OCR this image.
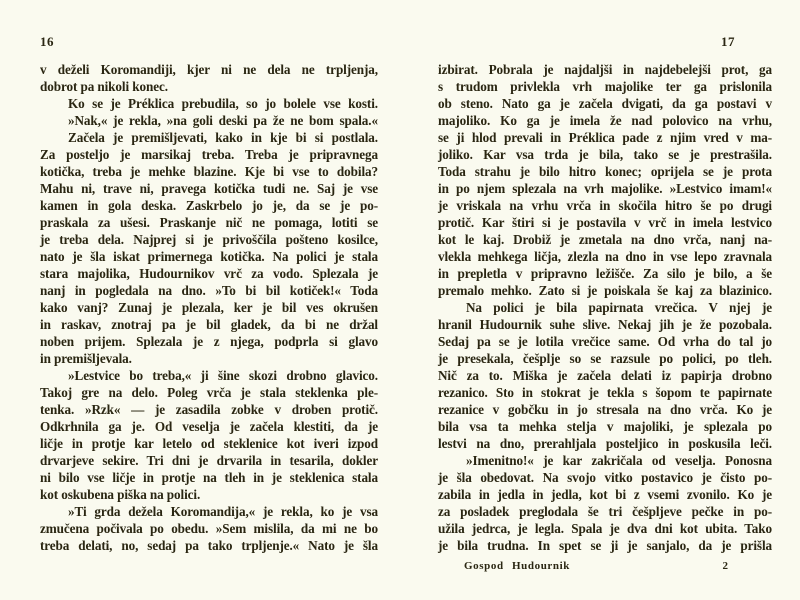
16
v deželi Koromandiji, kjer ni ne dela ne trpljenja,
dobrot pa nikoli konec.
Ko se je Préklica prebudila, so jo bolele vse kosti.
»Nak,« je rekla, »na goli deski pa že ne bom spala.«
Začela je premišljevati, kako in kje bi si postlala.
Za posteljo je marsikaj treba. Treba je pripravnega
kotička, treba je mehke blazine. Kje bi vse to dobila?
Mahu ni, trave ni, pravega kotička tudi ne. Saj je vse
kamen in gola deska. Zaskrbelo jo je, da se je po-
praskala za ušesi. Praskanje nič ne pomaga, lotiti se
je treba dela. Najprej si je privoščila pošteno kosilce,
nato je šla iskat primernega kotička. Na polici je stala
stara majolika, Hudournikov vrč za vodo. Splezala je
nanj in pogledala na dno. »To bi bil kotiček!« Toda
kako vanj? Zunaj je plezala, ker je bil ves okrušen
in raskav, znotraj pa je bil gladek, da bi ne držal
noben prijem. Splezala je z njega, podprla si glavo
in premišljevala.
»Lestvice bo treba,« ji šine skozi drobno glavico.
Takoj gre na delo. Poleg vrča je stala steklenka ple-
tenka. »Rzk« — je zasadila zobke v droben protič.
Odkrhnila ga je. Od veselja je začela klestiti, da je
ličje in protje kar letelo od steklenice kot iveri izpod
drvarjeve sekire. Tri dni je drvarila in tesarila, dokler
ni bilo vse ličje in protje na tleh in je steklenica stala
kot oskubena piška na polici.
»Ti grda dežela Koromandija,« je rekla, ko je vsa
zmučena počivala po obedu. »Sem mislila, da mi ne bo
treba delati, no, sedaj pa tako trpljenje.« Nato je šla
17
izbirat. Pobrala je najdaljši in najdebelejši prot, ga
s trudom privlekla vrh majolike ter ga prislonila
ob steno. Nato ga je začela dvigati, da ga postavi v
majoliko. Ko ga je imela že nad polovico na vrhu,
se ji hlod prevali in Préklica pade z njim vred v ma-
joliko. Kar vsa trda je bila, tako se je prestrašila.
Toda strahu je bilo hitro konec; oprijela se je prota
in po njem splezala na vrh majolike. »Lestvico imam!«
je vriskala na vrhu vrča in skočila hitro še po drugi
protič. Kar štiri si je postavila v vrč in imela lestvico
kot le kaj. Drobiž je zmetala na dno vrča, nanj na-
vlekla mehkega ličja, zlezla na dno in vse lepo zravnala
in prepletla v pripravno ležišče. Za silo je bilo, a še
premalo mehko. Zato si je poiskala še kaj za blazinico.
Na polici je bila papirnata vrečica. V njej je
hranil Hudournik suhe slive. Nekaj jih je že pozobala.
Sedaj pa se je lotila vrečice same. Od vrha do tal jo
je presekala, češplje so se razsule po polici, po tleh.
Nič za to. Miška je začela delati iz papirja drobno
rezanico. Sto in stokrat je tekla s šopom te papirnate
rezanice v gobčku in jo stresala na dno vrča. Ko je
bila vsa ta mehka stelja v majoliki, je splezala po
lestvi na dno, prerahljala posteljico in poskusila leči.
»Imenitno!« je kar zakričala od veselja. Ponosna
je šla obedovat. Na svojo vitko postavico je čisto po-
zabila in jedla in jedla, kot bi z vsemi zvonilo. Ko je
za posladek preglodala še tri češpljeve pečke in po-
užila jedrca, je legla. Spala je dva dni kot ubita. Tako
je bila trudna. In spet se ji je sanjalo, da je prišla
Gospod Hudournik	2
